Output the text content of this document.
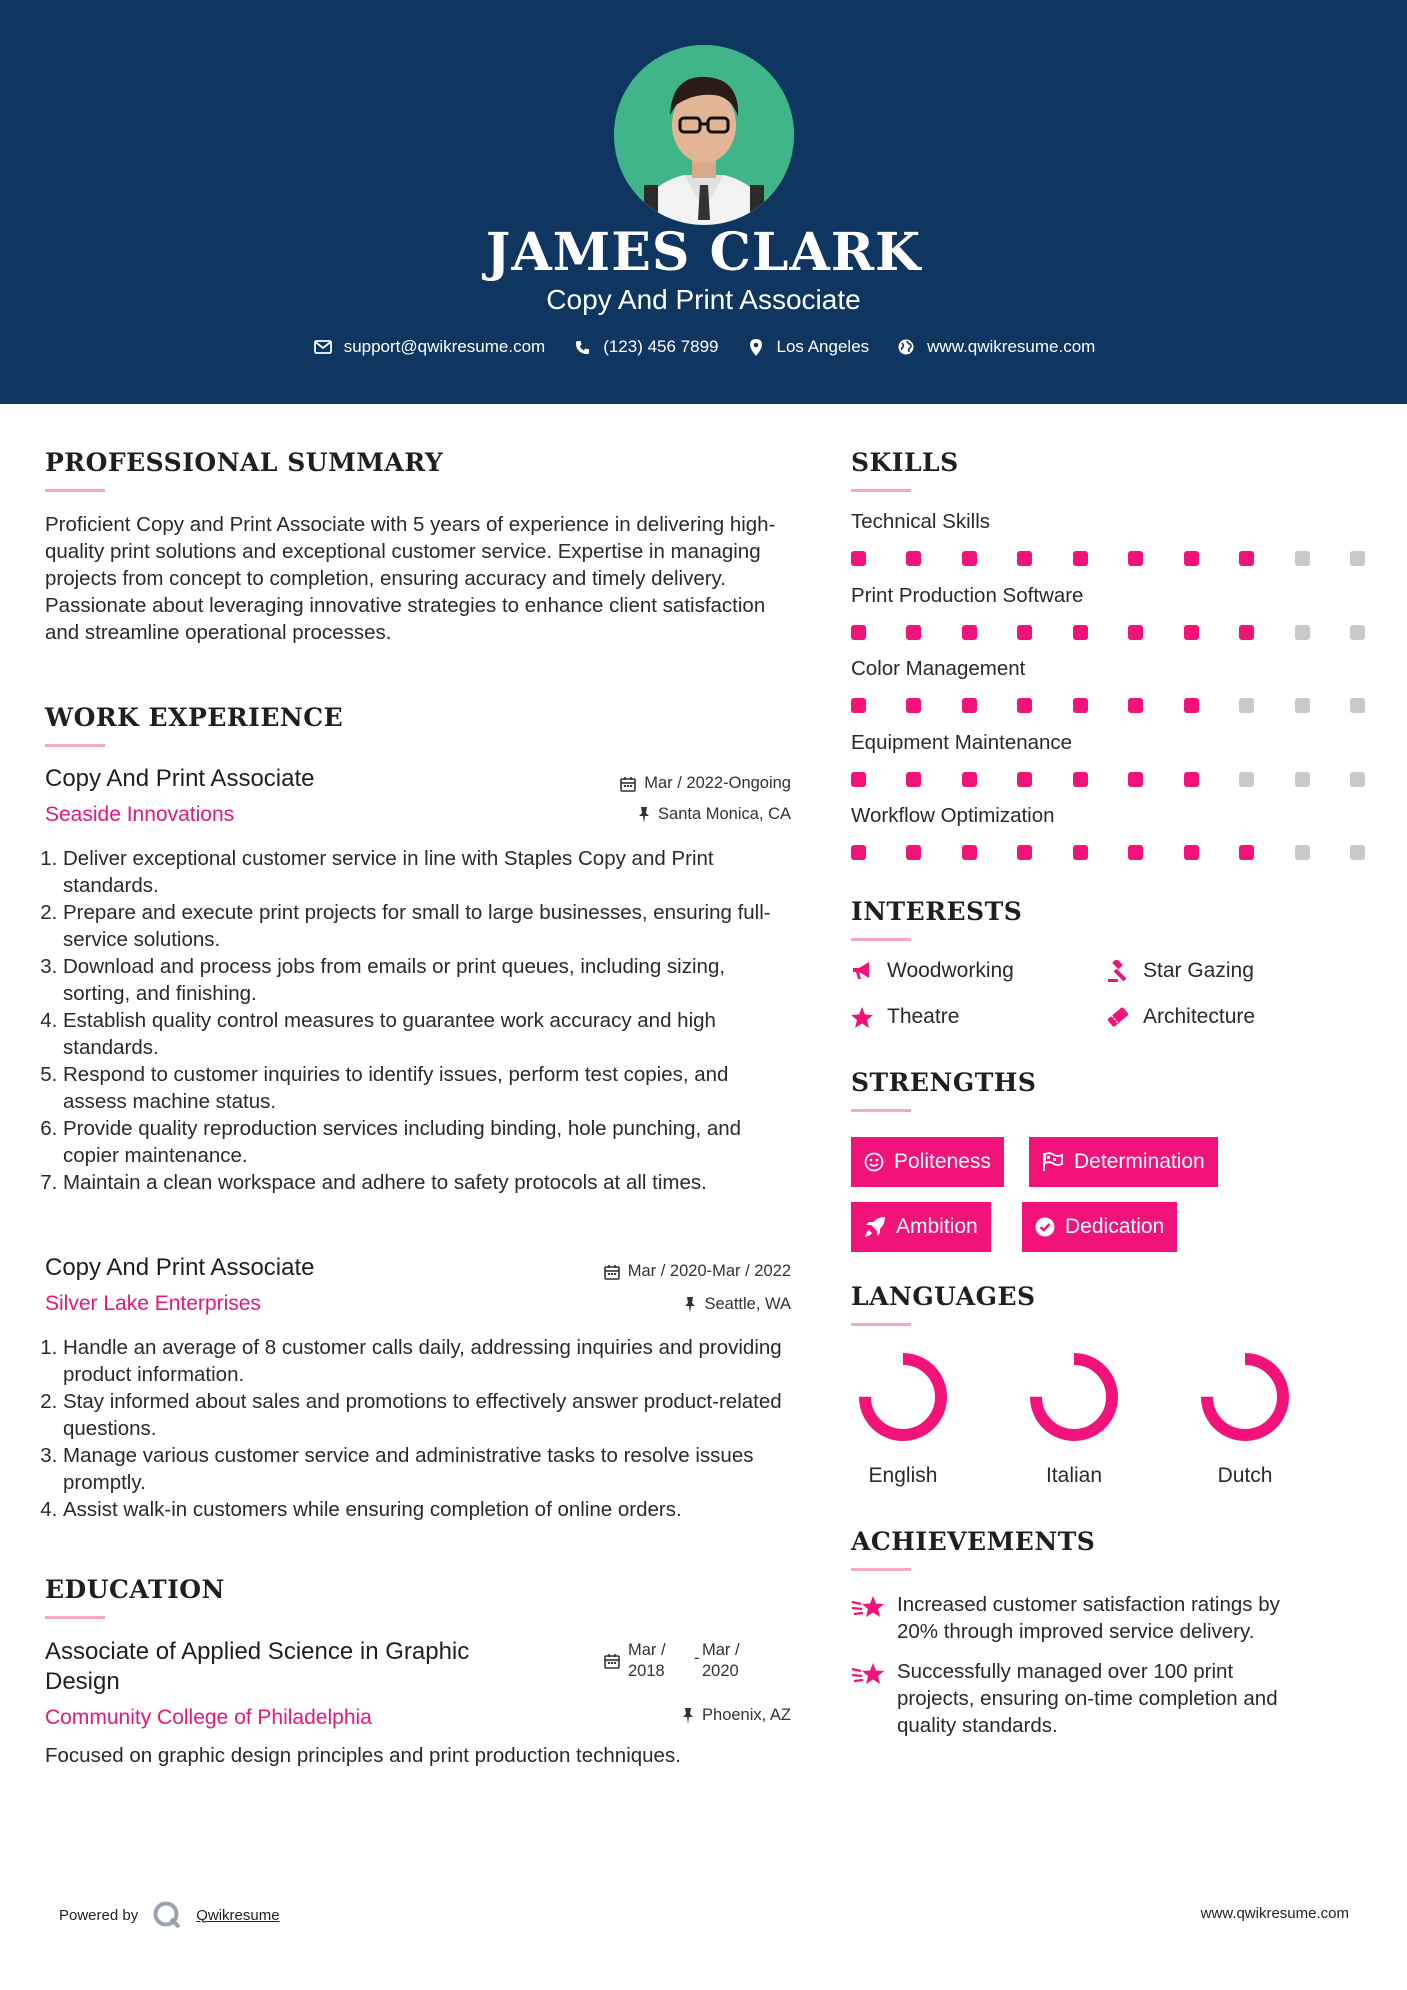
JAMES CLARK
Copy And Print Associate
support@qwikresume.com	(123) 456 7899	Los Angeles	www.qwikresume.com
PROFESSIONAL SUMMARY
Proficient Copy and Print Associate with 5 years of experience in delivering high-quality print solutions and exceptional customer service. Expertise in managing projects from concept to completion, ensuring accuracy and timely delivery. Passionate about leveraging innovative strategies to enhance client satisfaction and streamline operational processes.
WORK EXPERIENCE
Copy And Print Associate
Seaside Innovations
Mar / 2022-Ongoing
Santa Monica, CA
1. Deliver exceptional customer service in line with Staples Copy and Print standards.
2. Prepare and execute print projects for small to large businesses, ensuring full-service solutions.
3. Download and process jobs from emails or print queues, including sizing, sorting, and finishing.
4. Establish quality control measures to guarantee work accuracy and high standards.
5. Respond to customer inquiries to identify issues, perform test copies, and assess machine status.
6. Provide quality reproduction services including binding, hole punching, and copier maintenance.
7. Maintain a clean workspace and adhere to safety protocols at all times.
Copy And Print Associate
Silver Lake Enterprises
Mar / 2020-Mar / 2022
Seattle, WA
1. Handle an average of 8 customer calls daily, addressing inquiries and providing product information.
2. Stay informed about sales and promotions to effectively answer product-related questions.
3. Manage various customer service and administrative tasks to resolve issues promptly.
4. Assist walk-in customers while ensuring completion of online orders.
EDUCATION
Associate of Applied Science in Graphic
Design
Mar /
2018
- Mar /
2020
Community College of Philadelphia	Phoenix, AZ
Focused on graphic design principles and print production techniques.
SKILLS
Technical Skills
Print Production Software
Color Management
Equipment Maintenance
Workflow Optimization
INTERESTS
Woodworking	Star Gazing
Theatre	Architecture
STRENGTHS
Politeness	Determination
Ambition	Dedication
LANGUAGES
English	Italian	Dutch
ACHIEVEMENTS
Increased customer satisfaction ratings by
20% through improved service delivery.
Successfully managed over 100 print
projects, ensuring on-time completion and
quality standards.
Powered by	Qwikresume	www.qwikresume.com
